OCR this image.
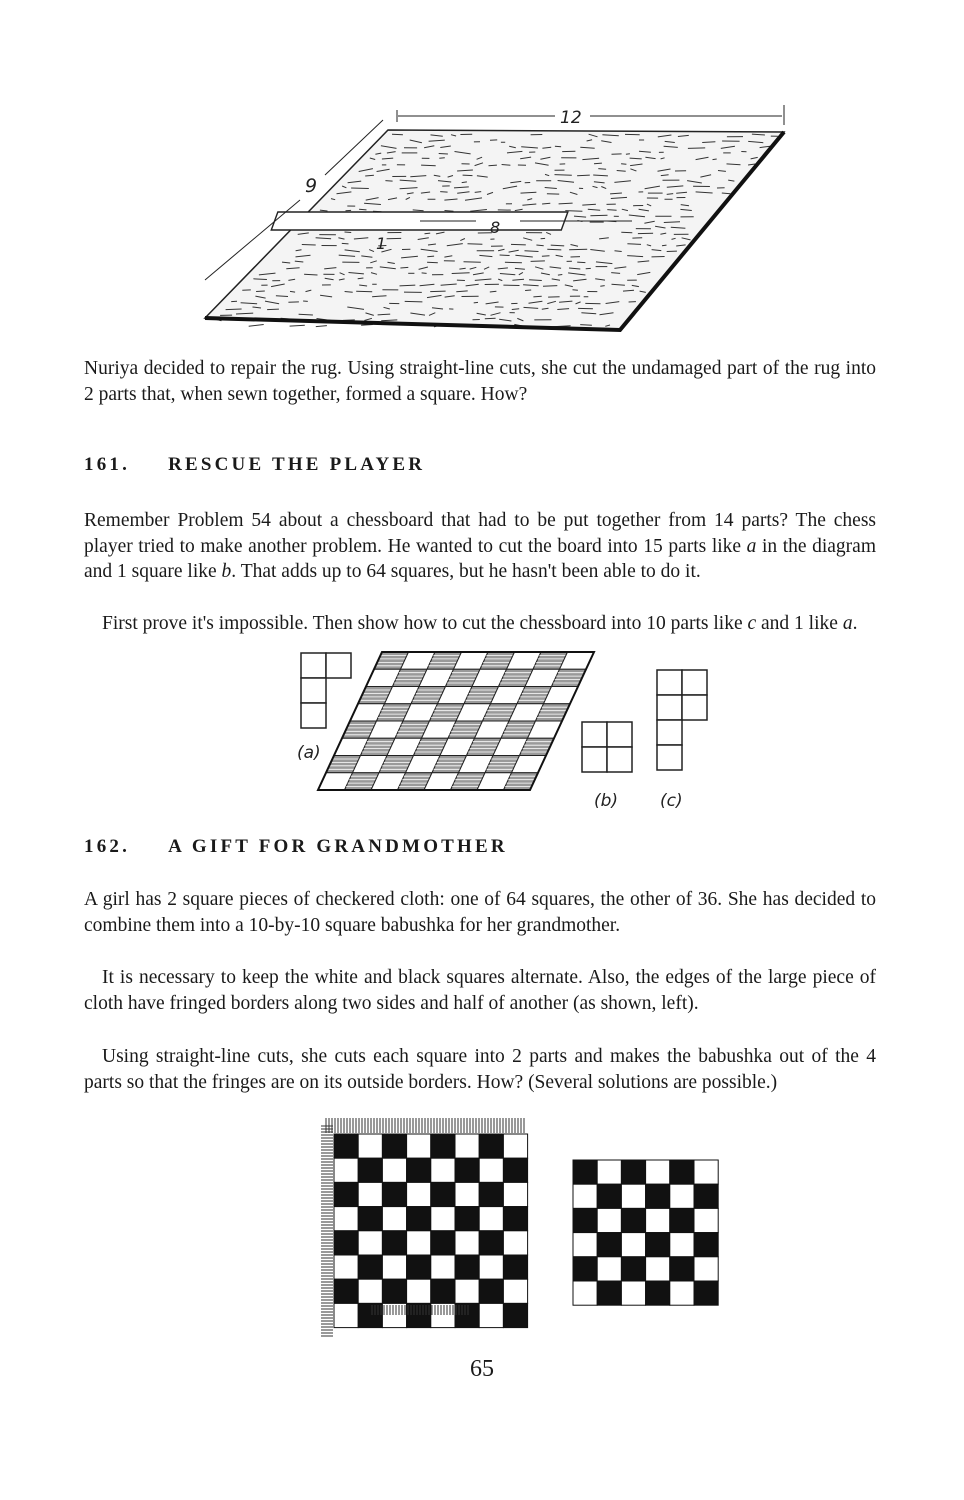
12
9
8
1

Nuriya decided to repair the rug. Using straight-line cuts, she cut the undamaged part of the rug into 2 parts that, when sewn together, formed a square. How?

161. RESCUE THE PLAYER

Remember Problem 54 about a chessboard that had to be put together from 14 parts? The chess player tried to make another problem. He wanted to cut the board into 15 parts like a in the diagram and 1 square like b. That adds up to 64 squares, but he hasn't been able to do it.

First prove it's impossible. Then show how to cut the chessboard into 10 parts like c and 1 like a.

(a)
(b) (c)
162. A GIFT FOR GRANDMOTHER

A girl has 2 square pieces of checkered cloth: one of 64 squares, the other of 36. She has decided to combine them into a 10-by-10 square babushka for her grandmother.

It is necessary to keep the white and black squares alternate. Also, the edges of the large piece of cloth have fringed borders along two sides and half of another (as shown, left).

Using straight-line cuts, she cuts each square into 2 parts and makes the babushka out of the 4 parts so that the fringes are on its outside borders. How? (Several solutions are possible.)

65
